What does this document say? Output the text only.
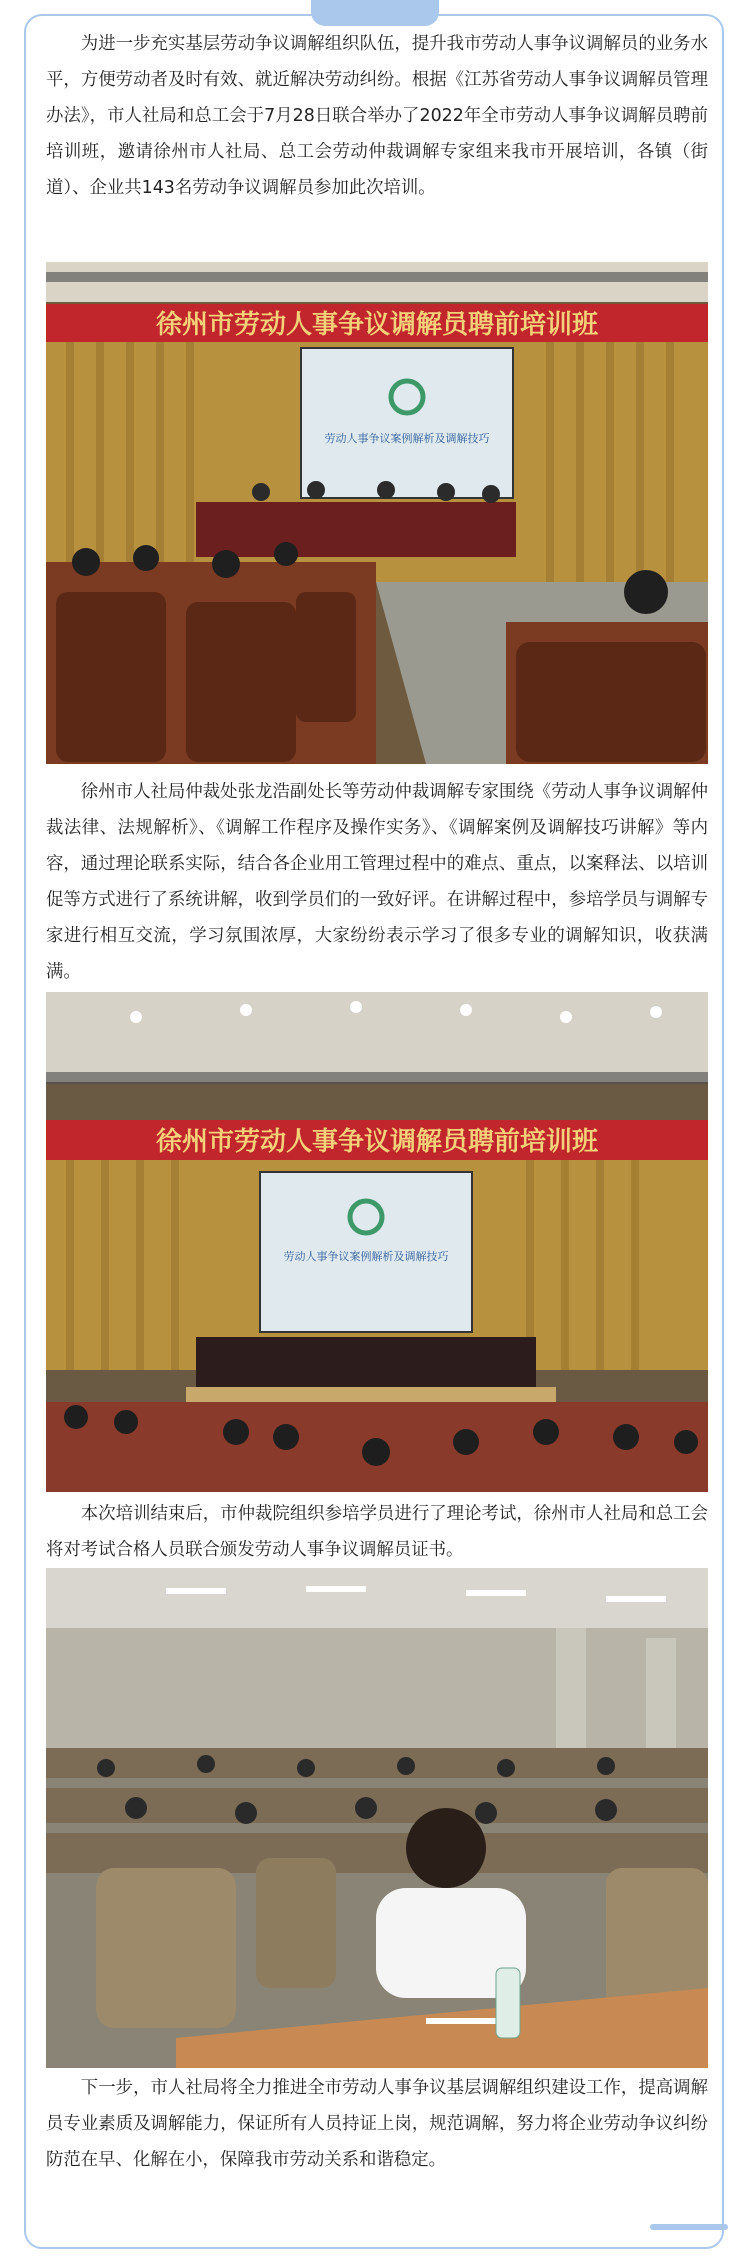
为进一步充实基层劳动争议调解组织队伍，提升我市劳动人事争议调解员的业务水平，方便劳动者及时有效、就近解决劳动纠纷。根据《江苏省劳动人事争议调解员管理办法》，市人社局和总工会于7月28日联合举办了2022年全市劳动人事争议调解员聘前培训班，邀请徐州市人社局、总工会劳动仲裁调解专家组来我市开展培训，各镇（街道）、企业共143名劳动争议调解员参加此次培训。

徐州市劳动人事争议调解员聘前培训班
劳动人事争议案例解析及调解技巧

徐州市人社局仲裁处张龙浩副处长等劳动仲裁调解专家围绕《劳动人事争议调解仲裁法律、法规解析》、《调解工作程序及操作实务》、《调解案例及调解技巧讲解》等内容，通过理论联系实际，结合各企业用工管理过程中的难点、重点，以案释法、以培训促等方式进行了系统讲解，收到学员们的一致好评。在讲解过程中，参培学员与调解专家进行相互交流，学习氛围浓厚，大家纷纷表示学习了很多专业的调解知识，收获满满。

徐州市劳动人事争议调解员聘前培训班
劳动人事争议案例解析及调解技巧

本次培训结束后，市仲裁院组织参培学员进行了理论考试，徐州市人社局和总工会将对考试合格人员联合颁发劳动人事争议调解员证书。

下一步，市人社局将全力推进全市劳动人事争议基层调解组织建设工作，提高调解员专业素质及调解能力，保证所有人员持证上岗，规范调解，努力将企业劳动争议纠纷防范在早、化解在小，保障我市劳动关系和谐稳定。
